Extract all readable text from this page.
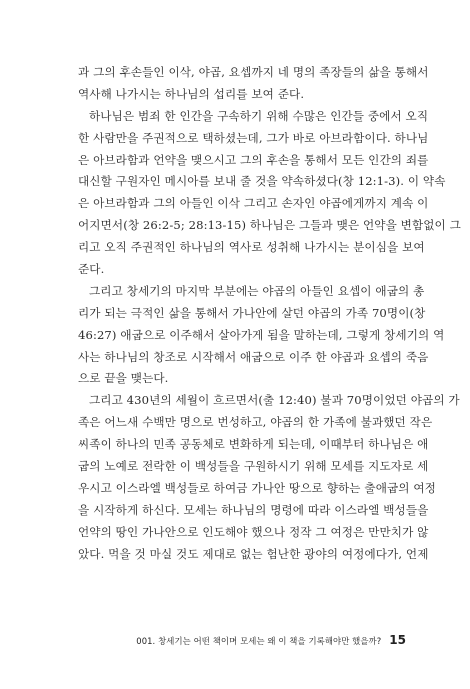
과 그의 후손들인 이삭, 야곱, 요셉까지 네 명의 족장들의 삶을 통해서
역사해 나가시는 하나님의 섭리를 보여 준다.

하나님은 범죄 한 인간을 구속하기 위해 수많은 인간들 중에서 오직
한 사람만을 주권적으로 택하셨는데, 그가 바로 아브라함이다. 하나님
은 아브라함과 언약을 맺으시고 그의 후손을 통해서 모든 인간의 죄를
대신할 구원자인 메시아를 보내 줄 것을 약속하셨다(창 12:1-3). 이 약속
은 아브라함과 그의 아들인 이삭 그리고 손자인 야곱에게까지 계속 이
어지면서(창 26:2-5; 28:13-15) 하나님은 그들과 맺은 언약을 변함없이 그
리고 오직 주권적인 하나님의 역사로 성취해 나가시는 분이심을 보여
준다.

그리고 창세기의 마지막 부분에는 야곱의 아들인 요셉이 애굽의 총
리가 되는 극적인 삶을 통해서 가나안에 살던 야곱의 가족 70명이(창
46:27) 애굽으로 이주해서 살아가게 됨을 말하는데, 그렇게 창세기의 역
사는 하나님의 창조로 시작해서 애굽으로 이주 한 야곱과 요셉의 죽음
으로 끝을 맺는다.

그리고 430년의 세월이 흐르면서(출 12:40) 불과 70명이었던 야곱의 가
족은 어느새 수백만 명으로 번성하고, 야곱의 한 가족에 불과했던 작은
씨족이 하나의 민족 공동체로 변화하게 되는데, 이때부터 하나님은 애
굽의 노예로 전락한 이 백성들을 구원하시기 위해 모세를 지도자로 세
우시고 이스라엘 백성들로 하여금 가나안 땅으로 향하는 출애굽의 여정
을 시작하게 하신다. 모세는 하나님의 명령에 따라 이스라엘 백성들을
언약의 땅인 가나안으로 인도해야 했으나 정작 그 여정은 만만치가 않
았다. 먹을 것 마실 것도 제대로 없는 험난한 광야의 여정에다가, 언제

001. 창세기는 어떤 책이며 모세는 왜 이 책을 기록해야만 했을까? 15
